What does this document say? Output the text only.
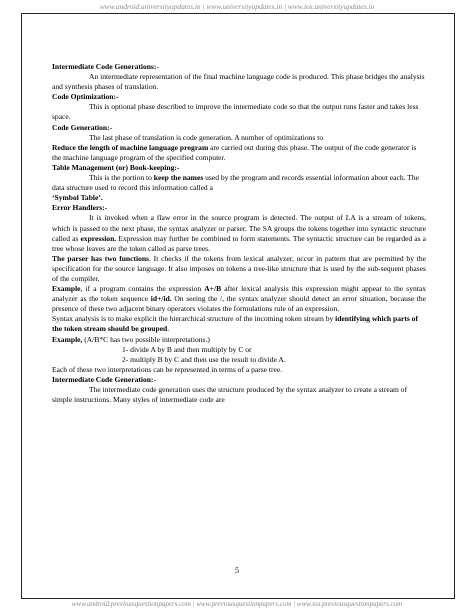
www.android.universityupdates.in | www.universityupdates.in | www.ios.universityupdates.in

Intermediate Code Generations:-

An intermediate representation of the final machine language code is produced. This phase bridges the analysis and synthesis phases of translation.

Code Optimization:-

This is optional phase described to improve the intermediate code so that the output runs faster and takes less space.

Code Generation:-

The last phase of translation is code generation. A number of optimizations to
Reduce the length of machine language program are carried out during this phase. The output of the code generator is the machine language program of the specified computer.

Table Management (or) Book-keeping:-

This is the portion to keep the names used by the program and records essential information about each. The data structure used to record this information called a
‘Symbol Table’.

Error Handlers:-

It is invoked when a flaw error in the source program is detected. The output of LA is a stream of tokens, which is passed to the next phase, the syntax analyzer or parser. The SA groups the tokens together into syntactic structure called as expression. Expression may further be combined to form statements. The syntactic structure can be regarded as a tree whose leaves are the token called as parse trees.

The parser has two functions. It checks if the tokens from lexical analyzer, occur in pattern that are permitted by the specification for the source language. It also imposes on tokens a tree-like structure that is used by the sub-sequent phases of the compiler.

Example, if a program contains the expression A+/B after lexical analysis this expression might appear to the syntax analyzer as the token sequence id+/id. On seeing the /, the syntax analyzer should detect an error situation, because the presence of these two adjacent binary operators violates the formulations rule of an expression.

Syntax analysis is to make explicit the hierarchical structure of the incoming token stream by identifying which parts of the token stream should be grouped.

Example, (A/B*C has two possible interpretations.)

1- divide A by B and then multiply by C or

2- multiply B by C and then use the result to divide A.

Each of these two interpretations can be represented in terms of a parse tree.

Intermediate Code Generation:-

The intermediate code generation uses the structure produced by the syntax analyzer to create a stream of simple instructions. Many styles of intermediate code are

5
www.android.previousquestionpapers.com | www.previousquestionpapers.com | www.ios.previousquestionpapers.com
